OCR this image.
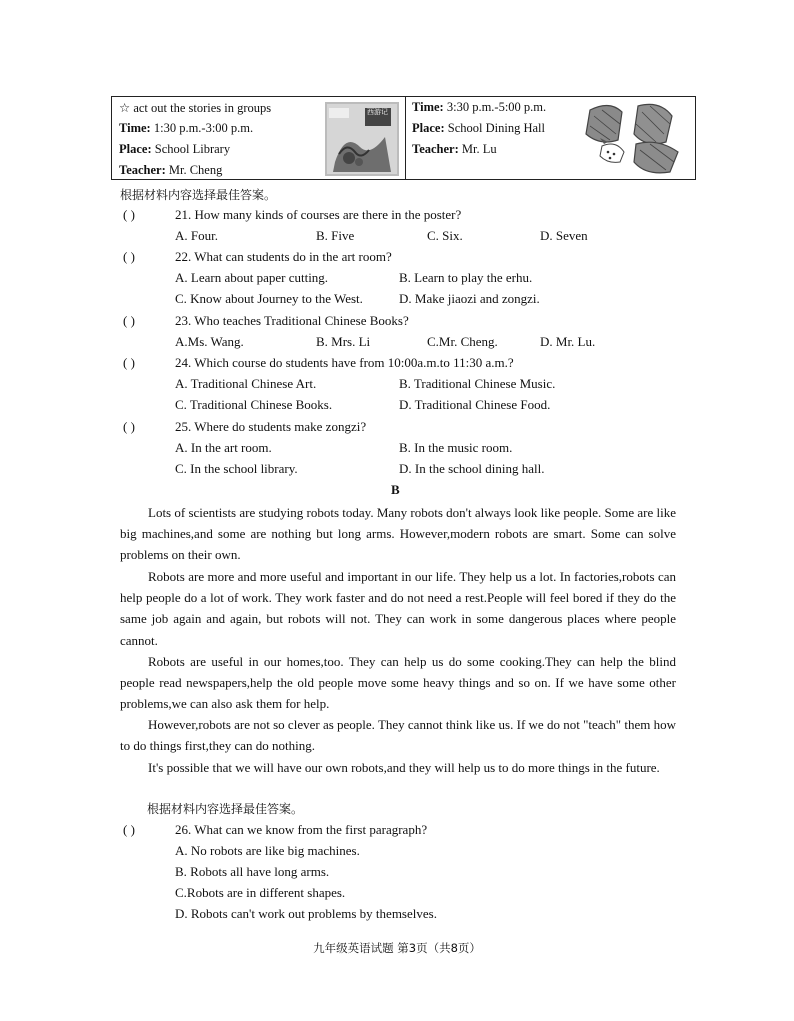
☆ act out the stories in groups
Time: 1:30 p.m.-3:00 p.m.
Place: School Library
Teacher: Mr. Cheng
西游记 Time: 3:30 p.m.-5:00 p.m.
Place: School Dining Hall
Teacher: Mr. Lu
根据材料内容选择最佳答案。
( )	21. How many kinds of courses are there in the poster?
A. Four.	B. Five	C. Six.	D. Seven
( )	22. What can students do in the art room?
A. Learn about paper cutting.	B. Learn to play the erhu.
C. Know about Journey to the West.	D. Make jiaozi and zongzi.
( )	23. Who teaches Traditional Chinese Books?
A.Ms. Wang.	B. Mrs. Li	C.Mr. Cheng.	D. Mr. Lu.
( )	24. Which course do students have from 10:00a.m.to 11:30 a.m.?
A. Traditional Chinese Art.	B. Traditional Chinese Music.
C. Traditional Chinese Books.	D. Traditional Chinese Food.
( )	25. Where do students make zongzi?
A. In the art room.	B. In the music room.
C. In the school library.	D. In the school dining hall.
B
Lots of scientists are studying robots today. Many robots don't always look like people. Some are like big machines,and some are nothing but long arms. However,modern robots are smart. Some can solve problems on their own.
Robots are more and more useful and important in our life. They help us a lot. In factories,robots can help people do a lot of work. They work faster and do not need a rest.People will feel bored if they do the same job again and again, but robots will not. They can work in some dangerous places where people cannot.
Robots are useful in our homes,too. They can help us do some cooking.They can help the blind people read newspapers,help the old people move some heavy things and so on. If we have some other problems,we can also ask them for help.
However,robots are not so clever as people. They cannot think like us. If we do not "teach" them how to do things first,they can do nothing.
It's possible that we will have our own robots,and they will help us to do more things in the future.
根据材料内容选择最佳答案。
( )	26. What can we know from the first paragraph?
A. No robots are like big machines.
B. Robots all have long arms.
C.Robots are in different shapes.
D. Robots can't work out problems by themselves.
九年级英语试题 第3页（共8页）
